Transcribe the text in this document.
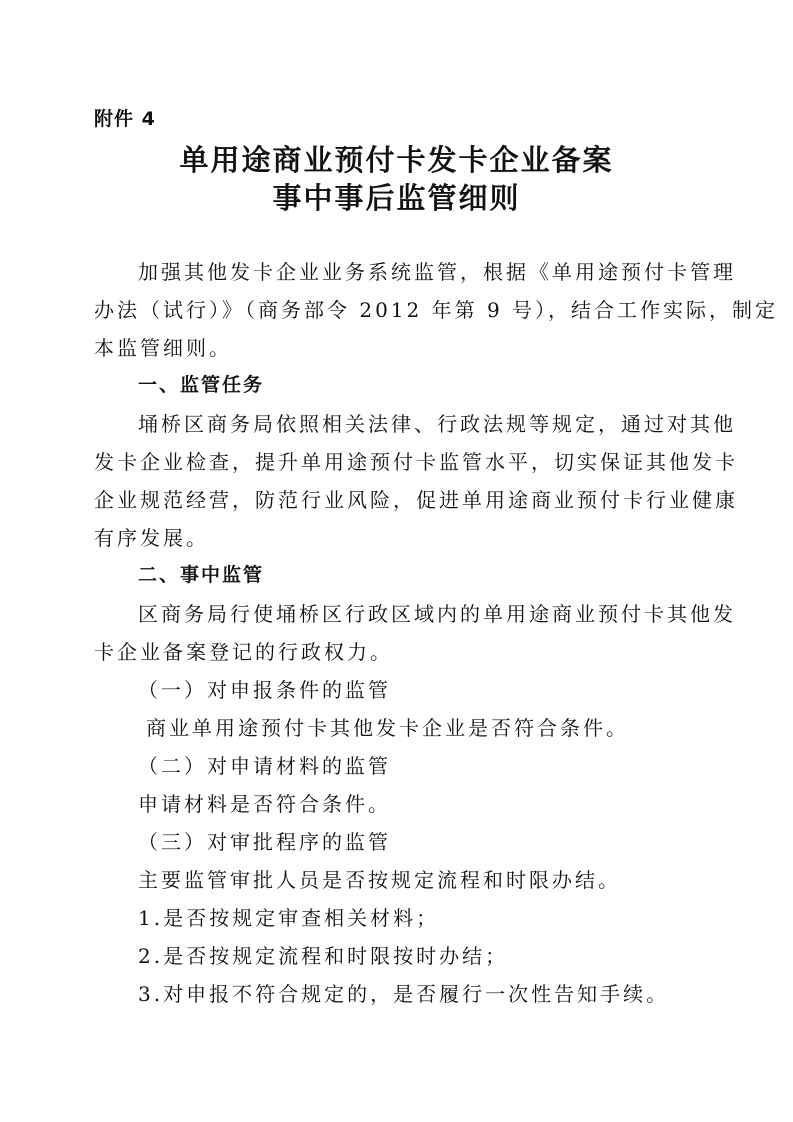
附件 4
单用途商业预付卡发卡企业备案
事中事后监管细则
加强其他发卡企业业务系统监管，根据《单用途预付卡管理
办法（试行）》（商务部令 2012 年第 9 号），结合工作实际，制定
本监管细则。
一、监管任务
埇桥区商务局依照相关法律、行政法规等规定，通过对其他
发卡企业检查，提升单用途预付卡监管水平，切实保证其他发卡
企业规范经营，防范行业风险，促进单用途商业预付卡行业健康
有序发展。
二、事中监管
区商务局行使埇桥区行政区域内的单用途商业预付卡其他发
卡企业备案登记的行政权力。
（一）对申报条件的监管
商业单用途预付卡其他发卡企业是否符合条件。
（二）对申请材料的监管
申请材料是否符合条件。
（三）对审批程序的监管
主要监管审批人员是否按规定流程和时限办结。
1.是否按规定审查相关材料；
2.是否按规定流程和时限按时办结；
3.对申报不符合规定的，是否履行一次性告知手续。
